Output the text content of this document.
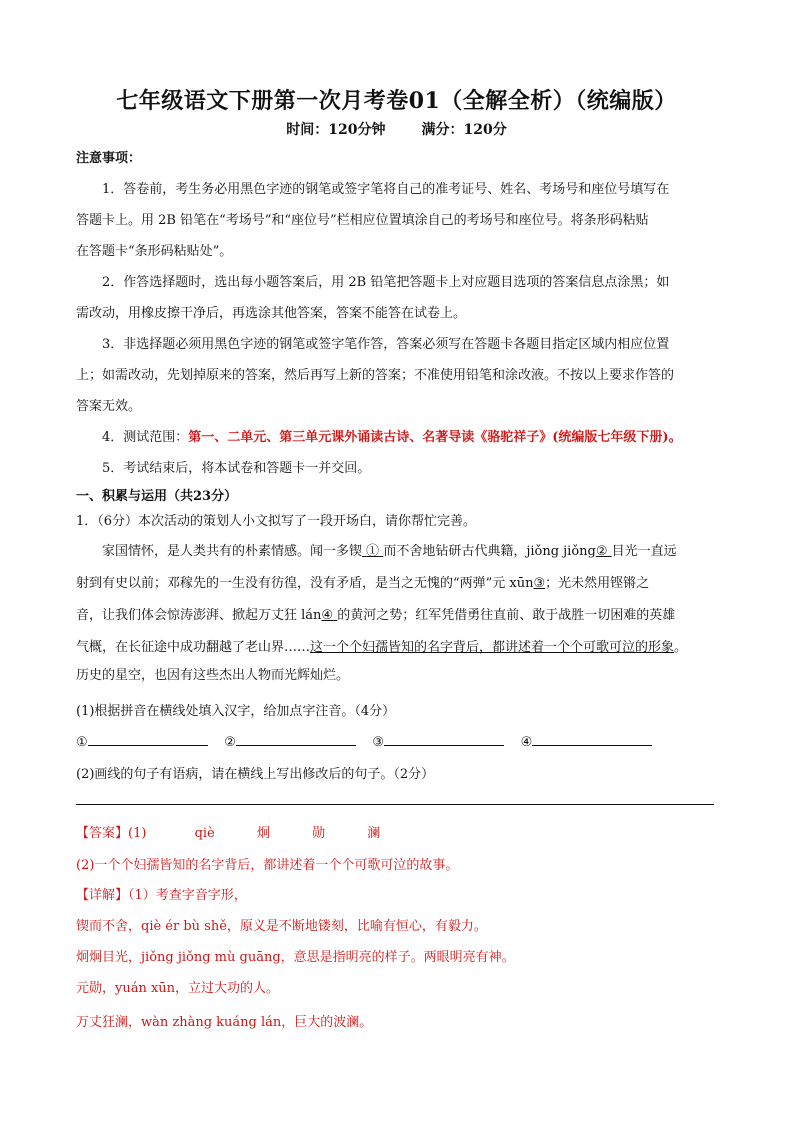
七年级语文下册第一次月考卷01（全解全析）（统编版）
时间：120分钟	满分：120分
注意事项：
1．答卷前，考生务必用黑色字迹的钢笔或签字笔将自己的准考证号、姓名、考场号和座位号填写在
答题卡上。用 2B 铅笔在“考场号”和“座位号”栏相应位置填涂自己的考场号和座位号。将条形码粘贴
在答题卡“条形码粘贴处”。
2．作答选择题时，选出每小题答案后，用 2B 铅笔把答题卡上对应题目选项的答案信息点涂黑；如
需改动，用橡皮擦干净后，再选涂其他答案，答案不能答在试卷上。
3．非选择题必须用黑色字迹的钢笔或签字笔作答，答案必须写在答题卡各题目指定区域内相应位置
上；如需改动，先划掉原来的答案，然后再写上新的答案；不准使用铅笔和涂改液。不按以上要求作答的
答案无效。
4．测试范围：第一、二单元、第三单元课外诵读古诗、名著导读《骆驼祥子》(统编版七年级下册)。
5．考试结束后，将本试卷和答题卡一并交回。
一、积累与运用（共23分）
1．（6分）本次活动的策划人小文拟写了一段开场白，请你帮忙完善。
家国情怀，是人类共有的朴素情感。闻一多锲 ① 而不舍地钻研古代典籍，jiǒng jiǒng② 目光一直远
射到有史以前；邓稼先的一生没有彷徨，没有矛盾，是当之无愧的“两弹”元 xūn③；光未然用铿锵之
音，让我们体会惊涛澎湃、掀起万丈狂 lán④ 的黄河之势；红军凭借勇往直前、敢于战胜一切困难的英雄
气概，在长征途中成功翻越了老山界……这一个个妇孺皆知的名字背后，都讲述着一个个可歌可泣的形象。
历史的星空，也因有这些杰出人物而光辉灿烂。
(1)根据拼音在横线处填入汉字，给加点字注音。（4分）
①	②	③	④
(2)画线的句子有语病，请在横线上写出修改后的句子。（2分）
【答案】(1)	qiè	炯	勋	澜
(2)一个个妇孺皆知的名字背后，都讲述着一个个可歌可泣的故事。
【详解】（1）考查字音字形，
锲而不舍，qiè ér bù shě，原义是不断地镂刻，比喻有恒心，有毅力。
炯炯目光，jiǒng jiǒng mù guāng，意思是指明亮的样子。两眼明亮有神。
元勋，yuán xūn，立过大功的人。
万丈狂澜，wàn zhàng kuáng lán，巨大的波澜。
